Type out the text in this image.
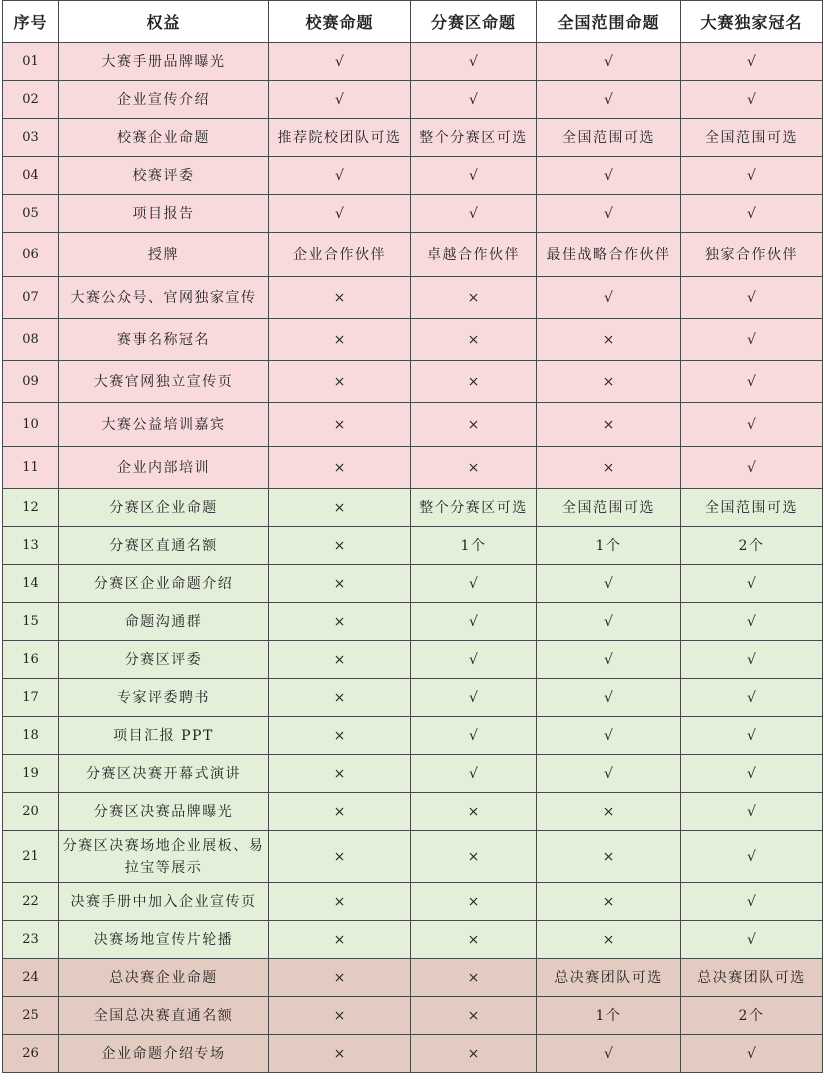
序号	权益	校赛命题	分赛区命题	全国范围命题	大赛独家冠名
01	大赛手册品牌曝光	√	√	√	√
02	企业宣传介绍	√	√	√	√
03	校赛企业命题	推荐院校团队可选	整个分赛区可选	全国范围可选	全国范围可选
04	校赛评委	√	√	√	√
05	项目报告	√	√	√	√
06	授牌	企业合作伙伴	卓越合作伙伴	最佳战略合作伙伴	独家合作伙伴
07	大赛公众号、官网独家宣传	×	×	√	√
08	赛事名称冠名	×	×	×	√
09	大赛官网独立宣传页	×	×	×	√
10	大赛公益培训嘉宾	×	×	×	√
11	企业内部培训	×	×	×	√
12	分赛区企业命题	×	整个分赛区可选	全国范围可选	全国范围可选
13	分赛区直通名额	×	1个	1个	2个
14	分赛区企业命题介绍	×	√	√	√
15	命题沟通群	×	√	√	√
16	分赛区评委	×	√	√	√
17	专家评委聘书	×	√	√	√
18	项目汇报 PPT	×	√	√	√
19	分赛区决赛开幕式演讲	×	√	√	√
20	分赛区决赛品牌曝光	×	×	×	√
21	分赛区决赛场地企业展板、易拉宝等展示	×	×	×	√
22	决赛手册中加入企业宣传页	×	×	×	√
23	决赛场地宣传片轮播	×	×	×	√
24	总决赛企业命题	×	×	总决赛团队可选	总决赛团队可选
25	全国总决赛直通名额	×	×	1个	2个
26	企业命题介绍专场	×	×	√	√
